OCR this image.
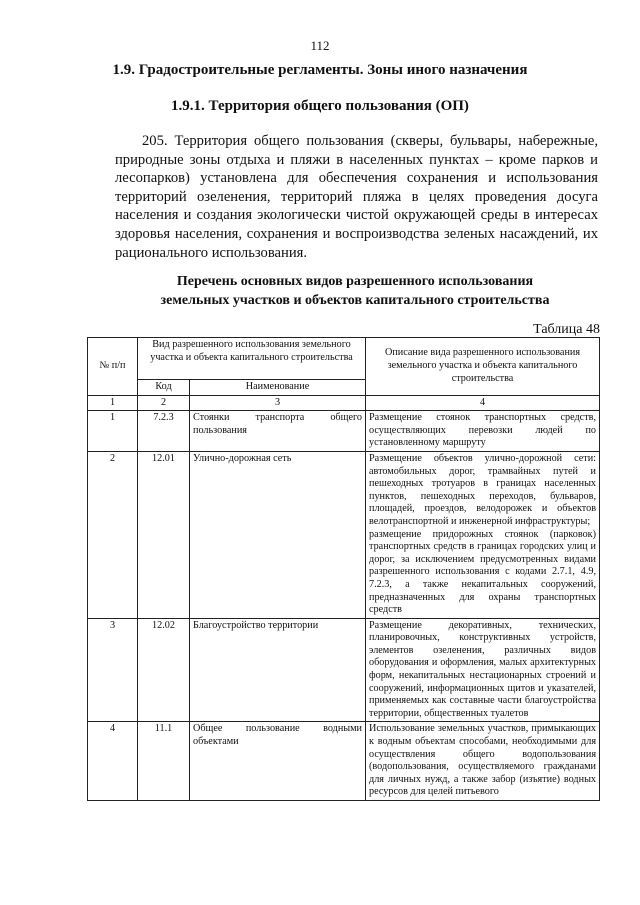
112
1.9. Градостроительные регламенты. Зоны иного назначения
1.9.1. Территория общего пользования (ОП)

205. Территория общего пользования (скверы, бульвары, набережные, природные зоны отдыха и пляжи в населенных пунктах – кроме парков и лесопарков) установлена для обеспечения сохранения и использования территорий озеленения, территорий пляжа в целях проведения досуга населения и создания экологически чистой окружающей среды в интересах здоровья населения, сохранения и воспроизводства зеленых насаждений, их рационального использования.

Перечень основных видов разрешенного использования
земельных участков и объектов капитального строительства
Таблица 48
№ п/п	Вид разрешенного использования земельного участка и объекта капитального строительства		Описание вида разрешенного использования земельного участка и объекта капитального строительства
	Код	Наименование	
1	2	3	4
1	7.2.3	Стоянки транспорта общего пользования	Размещение стоянок транспортных средств, осуществляющих перевозки людей по установленному маршруту
2	12.01	Улично-дорожная сеть	Размещение объектов улично-дорожной сети: автомобильных дорог, трамвайных путей и пешеходных тротуаров в границах населенных пунктов, пешеходных переходов, бульваров, площадей, проездов, велодорожек и объектов велотранспортной и инженерной инфраструктуры;
размещение придорожных стоянок (парковок) транспортных средств в границах городских улиц и дорог, за исключением предусмотренных видами разрешенного использования с кодами 2.7.1, 4.9, 7.2.3, а также некапитальных сооружений, предназначенных для охраны транспортных средств

3	12.02	Благоустройство территории	Размещение декоративных, технических, планировочных, конструктивных устройств, элементов озеленения, различных видов оборудования и оформления, малых архитектурных форм, некапитальных нестационарных строений и сооружений, информационных щитов и указателей, применяемых как составные части благоустройства территории, общественных туалетов
4	11.1	Общее пользование водными объектами	Использование земельных участков, примыкающих к водным объектам способами, необходимыми для осуществления общего водопользования (водопользования, осуществляемого гражданами для личных нужд, а также забор (изъятие) водных ресурсов для целей питьевого
